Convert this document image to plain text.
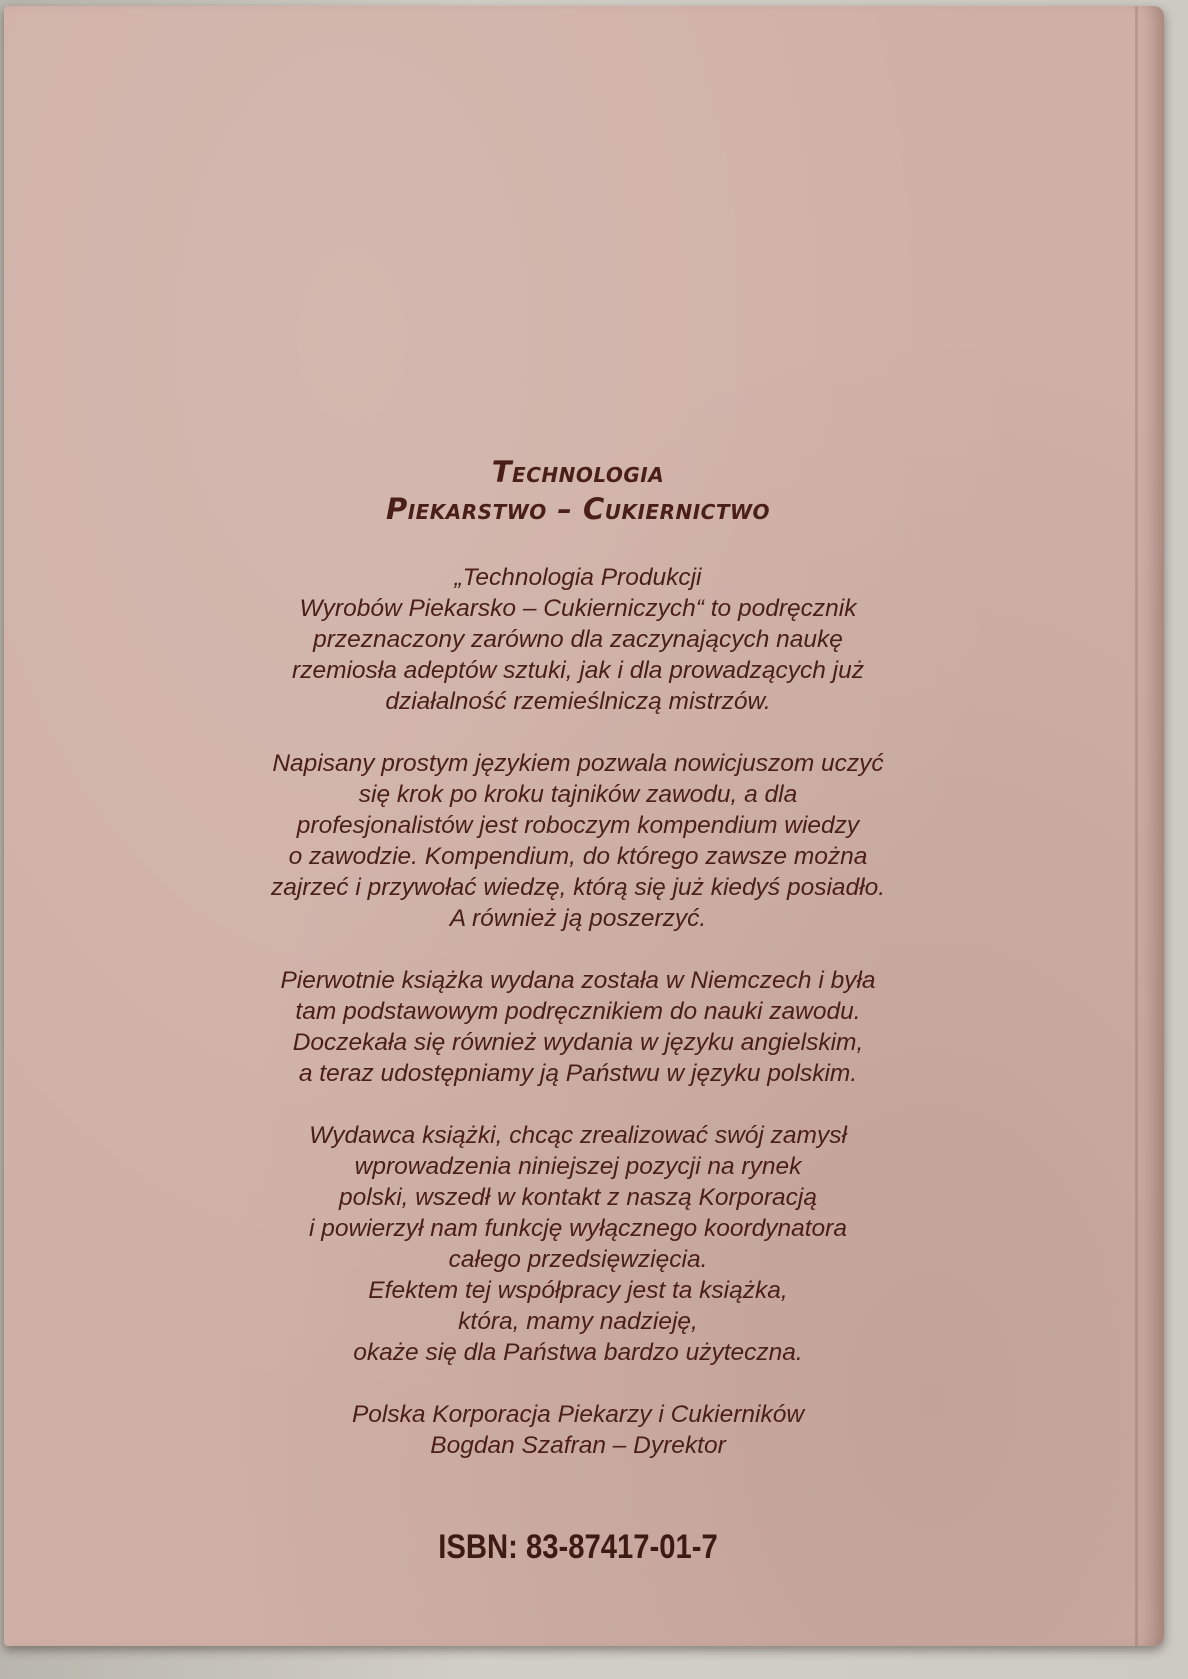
Technologia
Piekarstwo – Cukiernictwo
„Technologia Produkcji
Wyrobów Piekarsko – Cukierniczych“ to podręcznik
przeznaczony zarówno dla zaczynających naukę
rzemiosła adeptów sztuki, jak i dla prowadzących już
działalność rzemieślniczą mistrzów.
Napisany prostym językiem pozwala nowicjuszom uczyć
się krok po kroku tajników zawodu, a dla
profesjonalistów jest roboczym kompendium wiedzy
o zawodzie. Kompendium, do którego zawsze można
zajrzeć i przywołać wiedzę, którą się już kiedyś posiadło.
A również ją poszerzyć.
Pierwotnie książka wydana została w Niemczech i była
tam podstawowym podręcznikiem do nauki zawodu.
Doczekała się również wydania w języku angielskim,
a teraz udostępniamy ją Państwu w języku polskim.
Wydawca książki, chcąc zrealizować swój zamysł
wprowadzenia niniejszej pozycji na rynek
polski, wszedł w kontakt z naszą Korporacją
i powierzył nam funkcję wyłącznego koordynatora
całego przedsięwzięcia.
Efektem tej współpracy jest ta książka,
która, mamy nadzieję,
okaże się dla Państwa bardzo użyteczna.
Polska Korporacja Piekarzy i Cukierników
Bogdan Szafran – Dyrektor
ISBN: 83-87417-01-7
